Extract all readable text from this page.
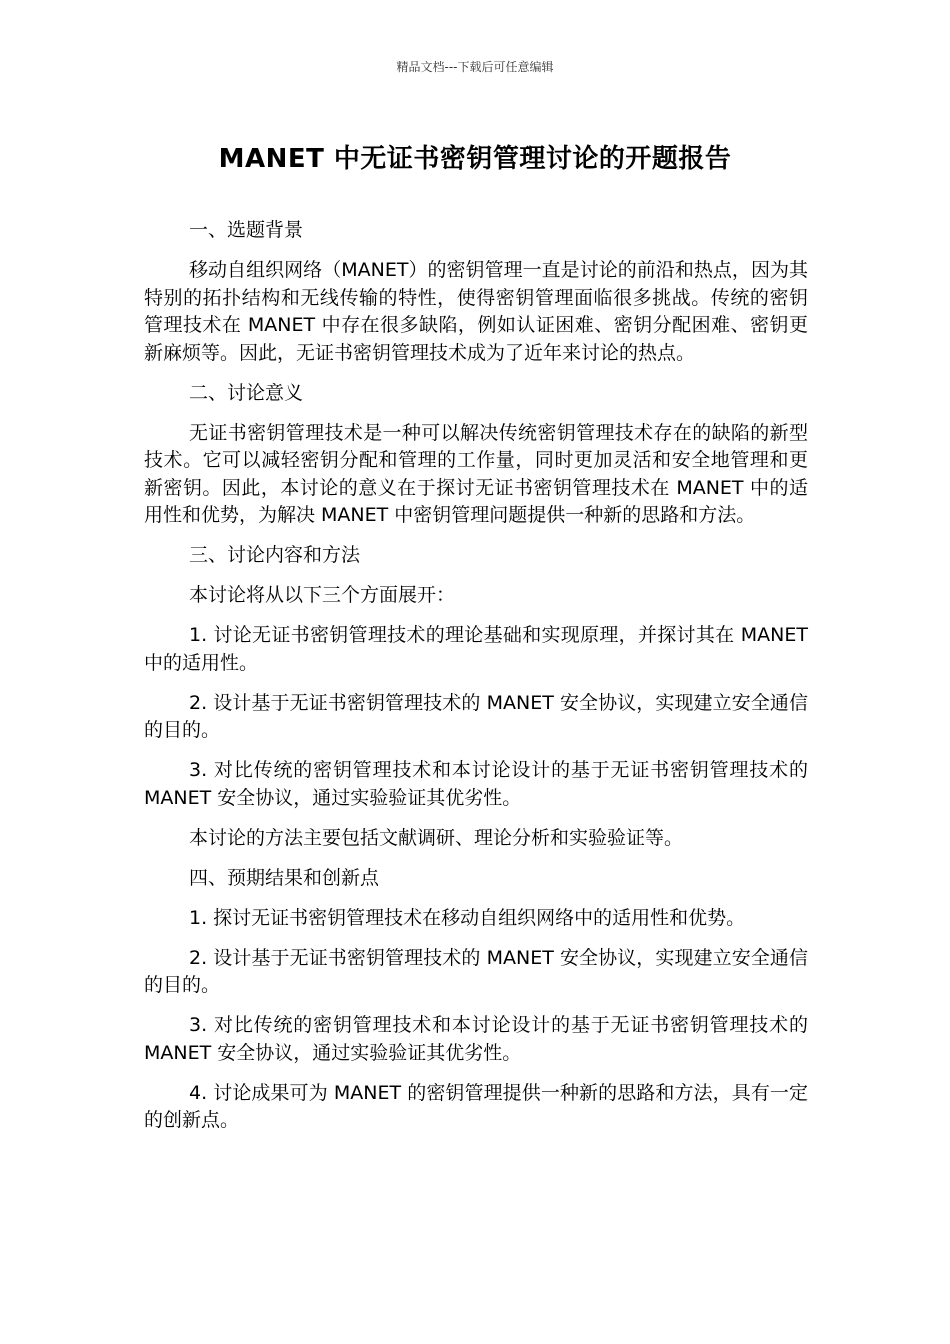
精品文档---下载后可任意编辑
MANET 中无证书密钥管理讨论的开题报告

一、选题背景

移动自组织网络（MANET）的密钥管理一直是讨论的前沿和热点，因为其特别的拓扑结构和无线传输的特性，使得密钥管理面临很多挑战。传统的密钥管理技术在 MANET 中存在很多缺陷，例如认证困难、密钥分配困难、密钥更新麻烦等。因此，无证书密钥管理技术成为了近年来讨论的热点。

二、讨论意义

无证书密钥管理技术是一种可以解决传统密钥管理技术存在的缺陷的新型技术。它可以减轻密钥分配和管理的工作量，同时更加灵活和安全地管理和更新密钥。因此，本讨论的意义在于探讨无证书密钥管理技术在 MANET 中的适用性和优势，为解决 MANET 中密钥管理问题提供一种新的思路和方法。

三、讨论内容和方法

本讨论将从以下三个方面展开：

1. 讨论无证书密钥管理技术的理论基础和实现原理，并探讨其在 MANET 中的适用性。

2. 设计基于无证书密钥管理技术的 MANET 安全协议，实现建立安全通信的目的。

3. 对比传统的密钥管理技术和本讨论设计的基于无证书密钥管理技术的 MANET 安全协议，通过实验验证其优劣性。

本讨论的方法主要包括文献调研、理论分析和实验验证等。

四、预期结果和创新点

1. 探讨无证书密钥管理技术在移动自组织网络中的适用性和优势。

2. 设计基于无证书密钥管理技术的 MANET 安全协议，实现建立安全通信的目的。

3. 对比传统的密钥管理技术和本讨论设计的基于无证书密钥管理技术的 MANET 安全协议，通过实验验证其优劣性。

4. 讨论成果可为 MANET 的密钥管理提供一种新的思路和方法，具有一定的创新点。
